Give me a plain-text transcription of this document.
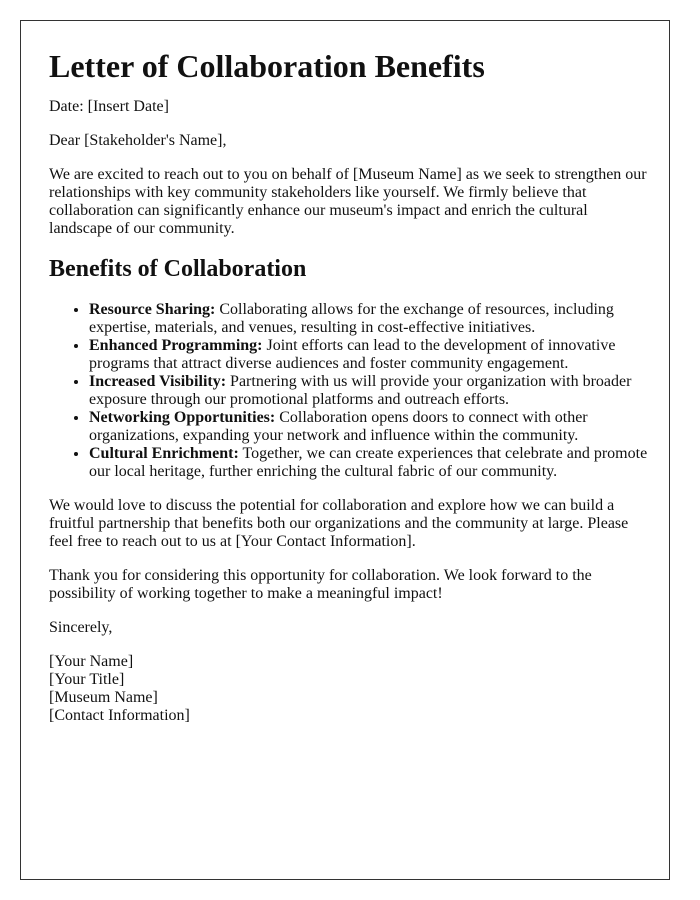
Letter of Collaboration Benefits

Date: [Insert Date]

Dear [Stakeholder's Name],

We are excited to reach out to you on behalf of [Museum Name] as we seek to strengthen our relationships with key community stakeholders like yourself. We firmly believe that collaboration can significantly enhance our museum's impact and enrich the cultural landscape of our community.

Benefits of Collaboration
• Resource Sharing: Collaborating allows for the exchange of resources, including expertise, materials, and venues, resulting in cost-effective initiatives.
• Enhanced Programming: Joint efforts can lead to the development of innovative programs that attract diverse audiences and foster community engagement.
• Increased Visibility: Partnering with us will provide your organization with broader exposure through our promotional platforms and outreach efforts.
• Networking Opportunities: Collaboration opens doors to connect with other organizations, expanding your network and influence within the community.
• Cultural Enrichment: Together, we can create experiences that celebrate and promote our local heritage, further enriching the cultural fabric of our community.

We would love to discuss the potential for collaboration and explore how we can build a fruitful partnership that benefits both our organizations and the community at large. Please feel free to reach out to us at [Your Contact Information].

Thank you for considering this opportunity for collaboration. We look forward to the possibility of working together to make a meaningful impact!

Sincerely,

[Your Name]

[Your Title]

[Museum Name]

[Contact Information]
